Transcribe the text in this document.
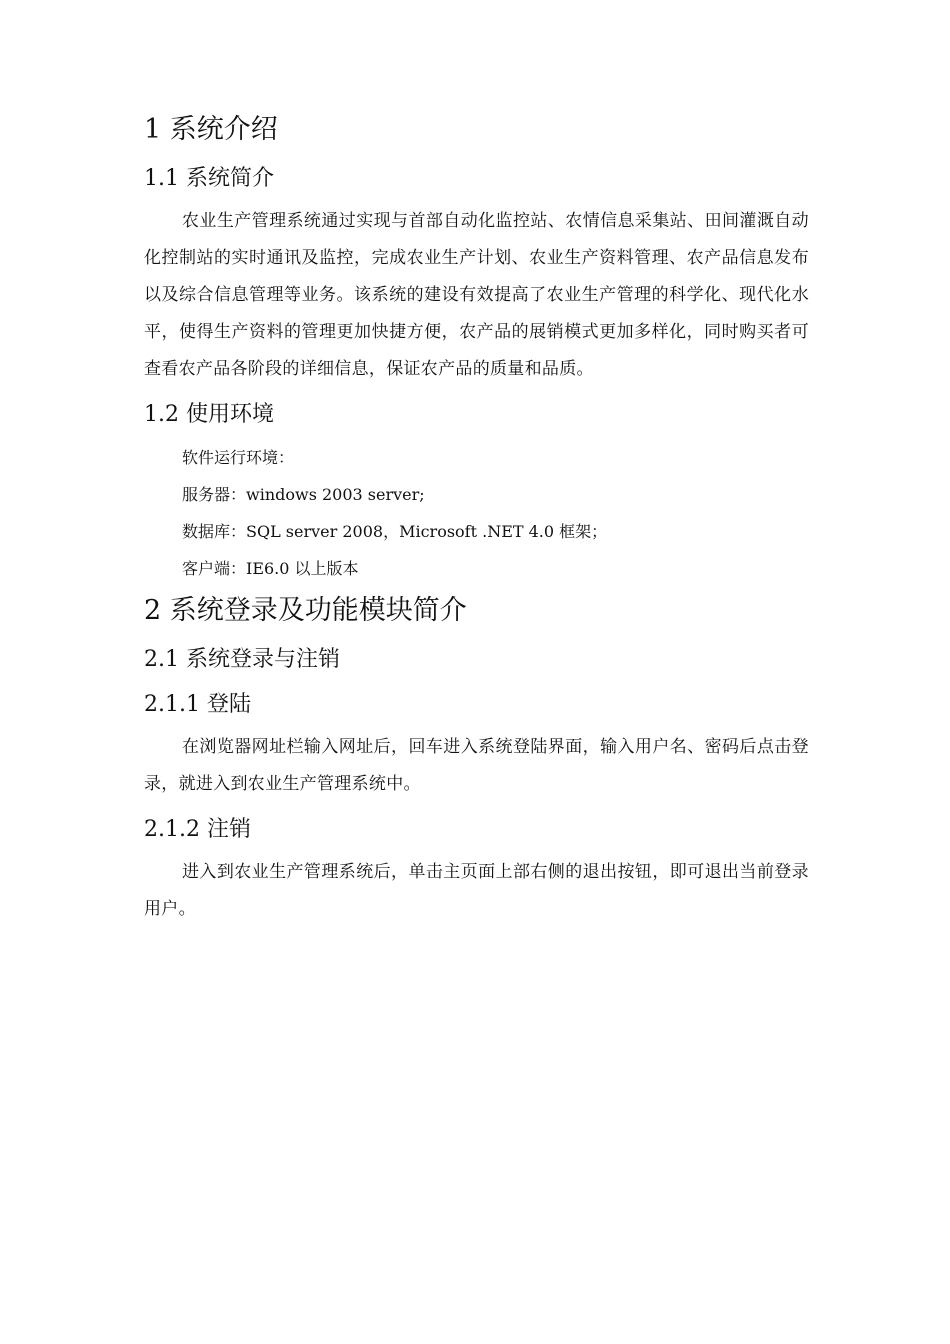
1 系统介绍
1.1 系统简介

农业生产管理系统通过实现与首部自动化监控站、农情信息采集站、田间灌溉自动化控制站的实时通讯及监控，完成农业生产计划、农业生产资料管理、农产品信息发布以及综合信息管理等业务。该系统的建设有效提高了农业生产管理的科学化、现代化水平，使得生产资料的管理更加快捷方便，农产品的展销模式更加多样化，同时购买者可查看农产品各阶段的详细信息，保证农产品的质量和品质。

1.2 使用环境
软件运行环境：
服务器：windows 2003 server;
数据库：SQL server 2008，Microsoft .NET 4.0 框架；
客户端：IE6.0 以上版本
2 系统登录及功能模块简介
2.1 系统登录与注销
2.1.1 登陆

在浏览器网址栏输入网址后，回车进入系统登陆界面，输入用户名、密码后点击登录，就进入到农业生产管理系统中。

2.1.2 注销

进入到农业生产管理系统后，单击主页面上部右侧的退出按钮，即可退出当前登录用户。
